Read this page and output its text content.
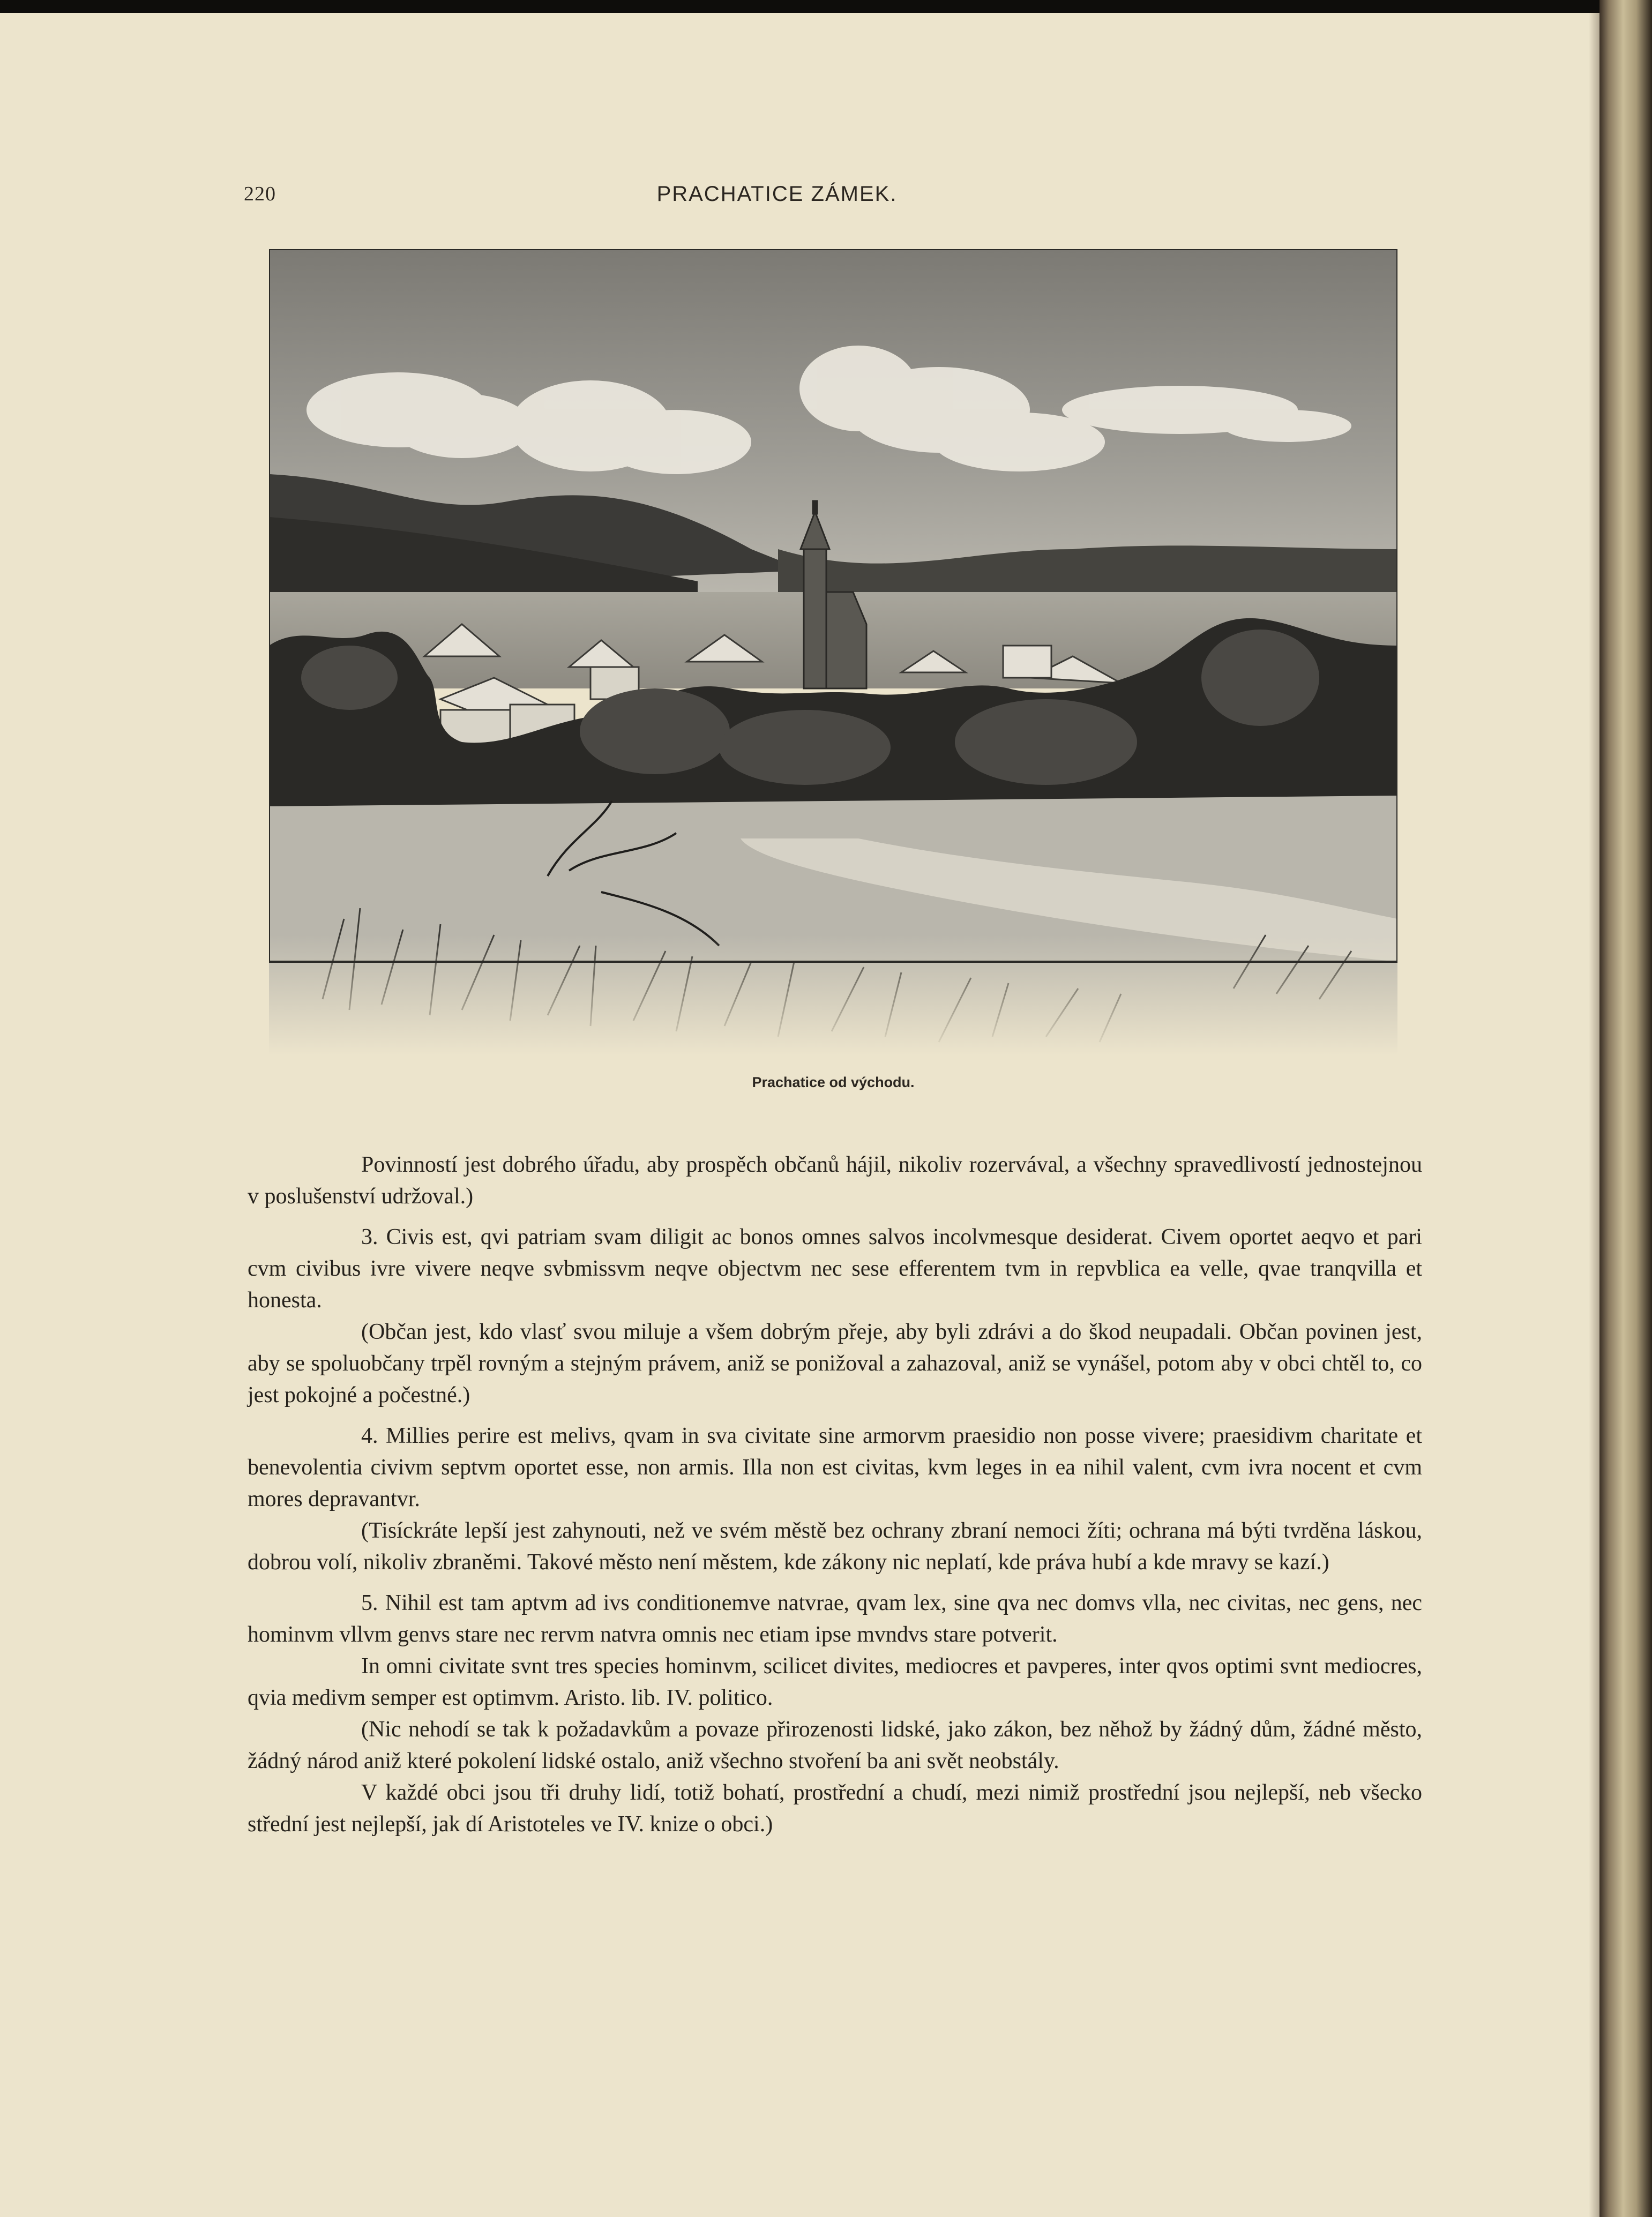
220	PRACHATICE ZÁMEK.
Prachatice od východu.

Povinností jest dobrého úřadu, aby prospěch občanů hájil, nikoliv rozervával, a všechny spravedlivostí jednostejnou v poslušenství udržoval.)

3. Civis est, qvi patriam svam diligit ac bonos omnes salvos incolvmesque desiderat. Civem oportet aeqvo et pari cvm civibus ivre vivere neqve svbmissvm neqve objectvm nec sese efferentem tvm in repvblica ea velle, qvae tranqvilla et honesta.

(Občan jest, kdo vlasť svou miluje a všem dobrým přeje, aby byli zdrávi a do škod neupadali. Občan povinen jest, aby se spoluobčany trpěl rovným a stejným právem, aniž se ponižoval a zahazoval, aniž se vynášel, potom aby v obci chtěl to, co jest pokojné a počestné.)

4. Millies perire est melivs, qvam in sva civitate sine armorvm praesidio non posse vivere; praesidivm charitate et benevolentia civivm septvm oportet esse, non armis. Illa non est civitas, kvm leges in ea nihil valent, cvm ivra nocent et cvm mores depravantvr.

(Tisíckráte lepší jest zahynouti, než ve svém městě bez ochrany zbraní nemoci žíti; ochrana má býti tvrděna láskou, dobrou volí, nikoliv zbraněmi. Takové město není městem, kde zákony nic neplatí, kde práva hubí a kde mravy se kazí.)

5. Nihil est tam aptvm ad ivs conditionemve natvrae, qvam lex, sine qva nec domvs vlla, nec civitas, nec gens, nec hominvm vllvm genvs stare nec rervm natvra omnis nec etiam ipse mvndvs stare potverit.

In omni civitate svnt tres species hominvm, scilicet divites, mediocres et pavperes, inter qvos optimi svnt mediocres, qvia medivm semper est optimvm. Aristo. lib. IV. politico.

(Nic nehodí se tak k požadavkům a povaze přirozenosti lidské, jako zákon, bez něhož by žádný dům, žádné město, žádný národ aniž které pokolení lidské ostalo, aniž všechno stvoření ba ani svět neobstály.

V každé obci jsou tři druhy lidí, totiž bohatí, prostřední a chudí, mezi nimiž prostřední jsou nejlepší, neb všecko střední jest nejlepší, jak dí Aristoteles ve IV. knize o obci.)
